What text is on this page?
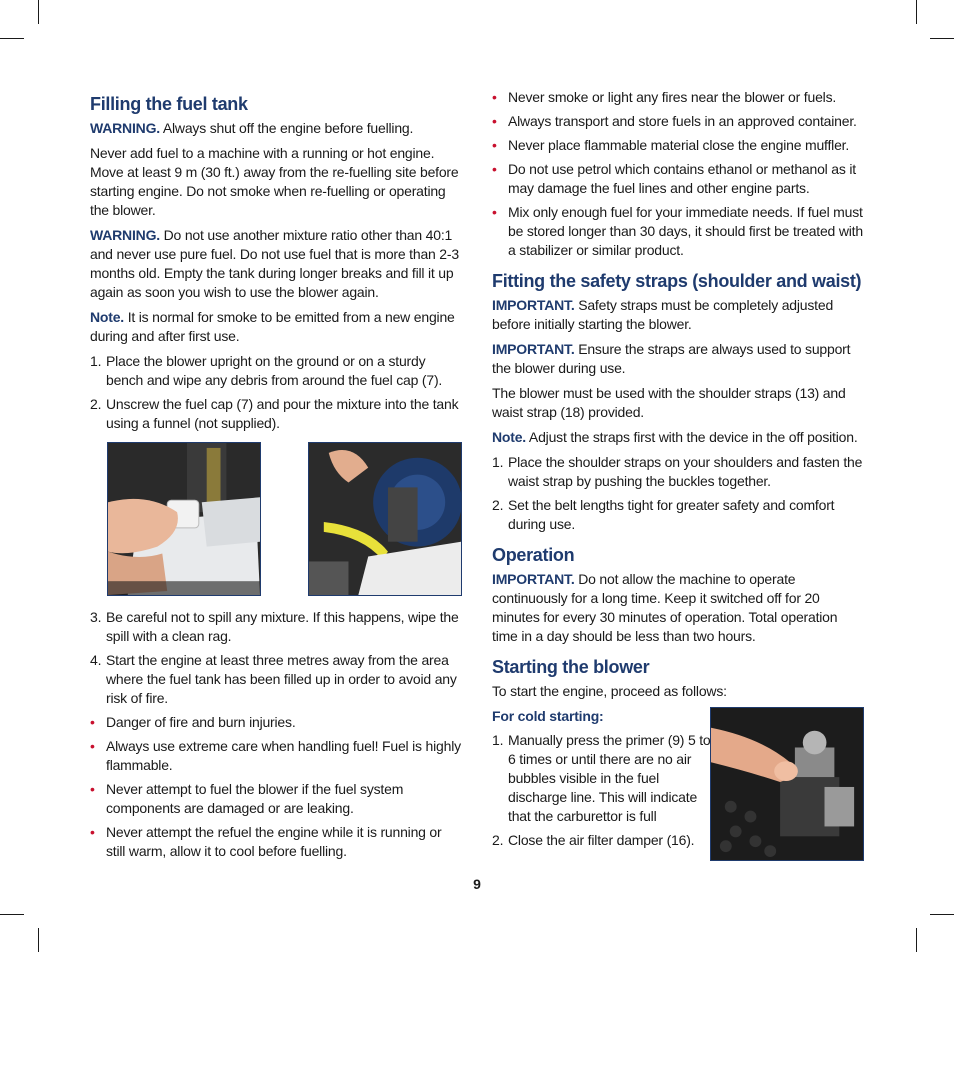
Filling the fuel tank

WARNING. Always shut off the engine before fuelling.

Never add fuel to a machine with a running or hot engine. Move at least 9 m (30 ft.) away from the re-fuelling site before starting engine. Do not smoke when re-fuelling or operating the blower.

WARNING. Do not use another mixture ratio other than 40:1 and never use pure fuel. Do not use fuel that is more than 2-3 months old. Empty the tank during longer breaks and fill it up again as soon you wish to use the blower again.

Note. It is normal for smoke to be emitted from a new engine during and after first use.

1. Place the blower upright on the ground or on a sturdy bench and wipe any debris from around the fuel cap (7).
2. Unscrew the fuel cap (7) and pour the mixture into the tank using a funnel (not supplied).
3. Be careful not to spill any mixture. If this happens, wipe the spill with a clean rag.
4. Start the engine at least three metres away from the area where the fuel tank has been filled up in order to avoid any risk of fire.
• Danger of fire and burn injuries.
• Always use extreme care when handling fuel! Fuel is highly flammable.
• Never attempt to fuel the blower if the fuel system components are damaged or are leaking.
• Never attempt the refuel the engine while it is running or still warm, allow it to cool before fuelling.
• Never smoke or light any fires near the blower or fuels.
• Always transport and store fuels in an approved container.
• Never place flammable material close the engine muffler.
• Do not use petrol which contains ethanol or methanol as it may damage the fuel lines and other engine parts.
• Mix only enough fuel for your immediate needs. If fuel must be stored longer than 30 days, it should first be treated with a stabilizer or similar product.
Fitting the safety straps (shoulder and waist)

IMPORTANT. Safety straps must be completely adjusted before initially starting the blower.

IMPORTANT. Ensure the straps are always used to support the blower during use.

The blower must be used with the shoulder straps (13) and waist strap (18) provided.

Note. Adjust the straps first with the device in the off position.

1. Place the shoulder straps on your shoulders and fasten the waist strap by pushing the buckles together.
2. Set the belt lengths tight for greater safety and comfort during use.
Operation

IMPORTANT. Do not allow the machine to operate continuously for a long time. Keep it switched off for 20 minutes for every 30 minutes of operation. Total operation time in a day should be less than two hours.

Starting the blower

To start the engine, proceed as follows:

For cold starting:

1. Manually press the primer (9) 5 to 6 times or until there are no air bubbles visible in the fuel discharge line. This will indicate that the carburettor is full
2. Close the air filter damper (16).
9
